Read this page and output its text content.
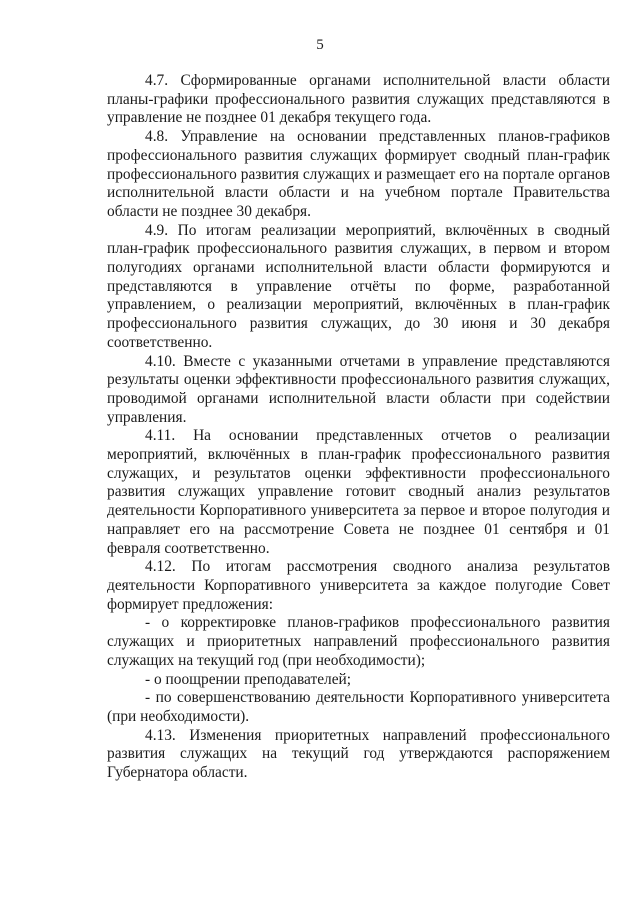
5

4.7. Сформированные органами исполнительной власти области планы-графики профессионального развития служащих представляются в управление не позднее 01 декабря текущего года.

4.8. Управление на основании представленных планов-графиков профессионального развития служащих формирует сводный план-график профессионального развития служащих и размещает его на портале органов исполнительной власти области и на учебном портале Правительства области не позднее 30 декабря.

4.9. По итогам реализации мероприятий, включённых в сводный план-график профессионального развития служащих, в первом и втором полугодиях органами исполнительной власти области формируются и представляются в управление отчёты по форме, разработанной управлением, о реализации мероприятий, включённых в план-график профессионального развития служащих, до 30 июня и 30 декабря соответственно.

4.10. Вместе с указанными отчетами в управление представляются результаты оценки эффективности профессионального развития служащих, проводимой органами исполнительной власти области при содействии управления.

4.11. На основании представленных отчетов о реализации мероприятий, включённых в план-график профессионального развития служащих, и результатов оценки эффективности профессионального развития служащих управление готовит сводный анализ результатов деятельности Корпоративного университета за первое и второе полугодия и направляет его на рассмотрение Совета не позднее 01 сентября и 01 февраля соответственно.

4.12. По итогам рассмотрения сводного анализа результатов деятельности Корпоративного университета за каждое полугодие Совет формирует предложения:

- о корректировке планов-графиков профессионального развития служащих и приоритетных направлений профессионального развития служащих на текущий год (при необходимости);

- о поощрении преподавателей;

- по совершенствованию деятельности Корпоративного университета (при необходимости).

4.13. Изменения приоритетных направлений профессионального развития служащих на текущий год утверждаются распоряжением Губернатора области.
